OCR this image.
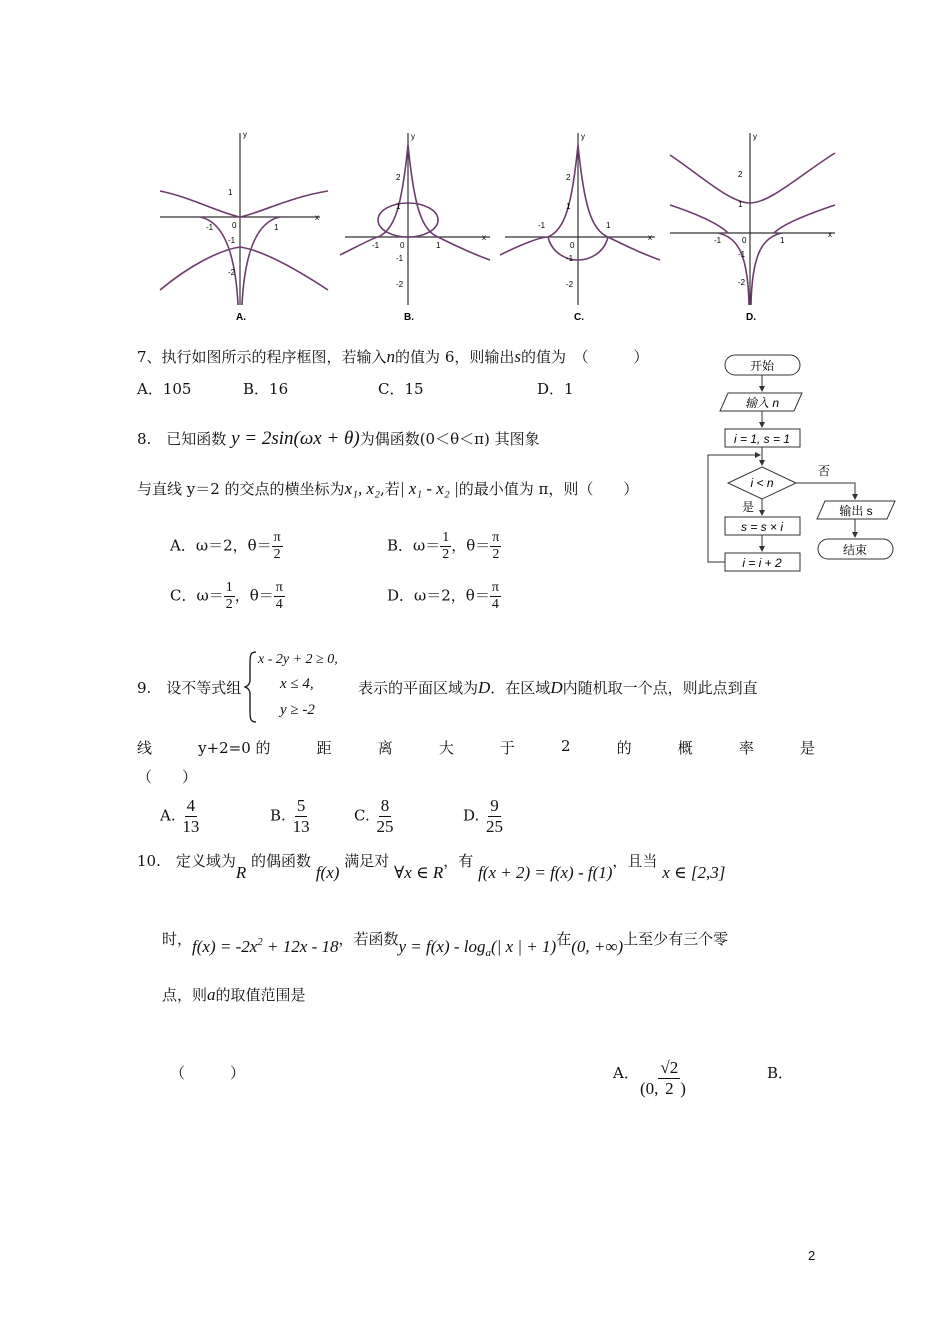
1
-1
-2
-1 0	1
x
y
A.
2
1
-1
-2
-1	0	1
x
y
B.
2
1
-1
-2
-1
0
1
x
y
C.
2
1
-1
-2
-1	0	1
x
y
D.
7、执行如图所示的程序框图，若输入n的值为 6，则输出s的值为　（　　　）
A．105	B．16	C．15	D．1
开始
输入 n
i = 1, s = 1
i < n
否
是
s = s × i
i = i + 2
输出 s
结束
8.　已知函数 y = 2sin(ωx + θ)为偶函数(0＜θ＜π) 其图象
与直线 y＝2 的交点的横坐标为x₁, x₂,若| x₁ - x₂ |的最小值为 π，则（　　）
A．ω＝2，$\theta= \frac{\pi}{2}$	B．$\omega= \frac{1}{2}$ ，$\theta= \frac{\pi}{2}$
C．$\omega= \frac{1}{2}$ ，$\theta= \frac{\pi}{4}$	D．ω＝2，$\theta= \frac{\pi}{4}$
9.　设不等式组
x - 2y + 2 ≥ 0,
x ≤ 4,
y ≥ -2
表示的平面区域为D．在区域D内随机取一个点，则此点到直
线	y+2=0 的	距	离	大	于	2	的	概	率	是
（　　）
A. $\frac{4}{13}$	B. $\frac{5}{13}$	C. $\frac{8}{25}$	D. $\frac{9}{25}$
10.　定义域为R 的偶函数 f(x) 满足对 ∀x ∈ R，有 f(x + 2) = f(x) - f(1)，且当 x ∈ [2,3]
时，$f(x) = -2x^2 + 12x - 18$，若函数$y = f(x) - \log_a(|$ x | + 1)在(0, +∞)上至少有三个零
点，则a的取值范围是
（　　　）	A．
(0, $\frac{√2}{2}$ )
B．
2
